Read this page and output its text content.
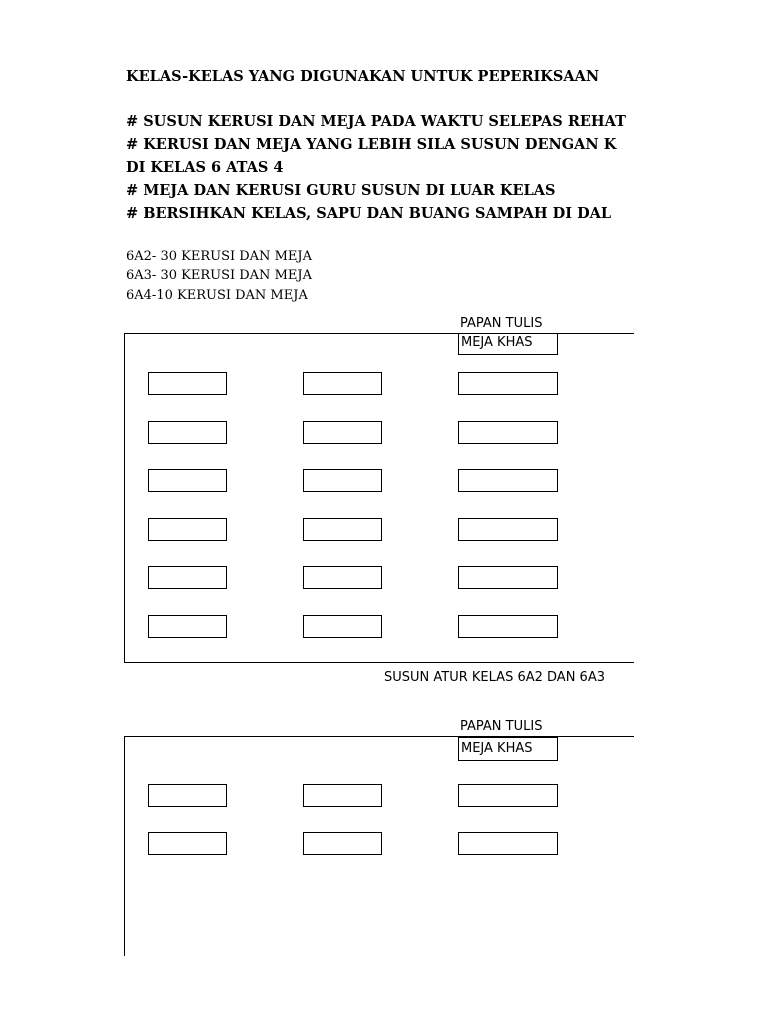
KELAS-KELAS YANG DIGUNAKAN UNTUK PEPERIKSAAN

# SUSUN KERUSI DAN MEJA PADA WAKTU SELEPAS REHAT

# KERUSI DAN MEJA YANG LEBIH SILA SUSUN DENGAN K

DI KELAS 6 ATAS 4

# MEJA DAN KERUSI GURU SUSUN DI LUAR KELAS

# BERSIHKAN KELAS, SAPU DAN BUANG SAMPAH DI DAL

6A2- 30 KERUSI DAN MEJA

6A3- 30 KERUSI DAN MEJA

6A4-10 KERUSI DAN MEJA

PAPAN TULIS

MEJA KHAS

SUSUN ATUR KELAS 6A2 DAN 6A3

PAPAN TULIS

MEJA KHAS
